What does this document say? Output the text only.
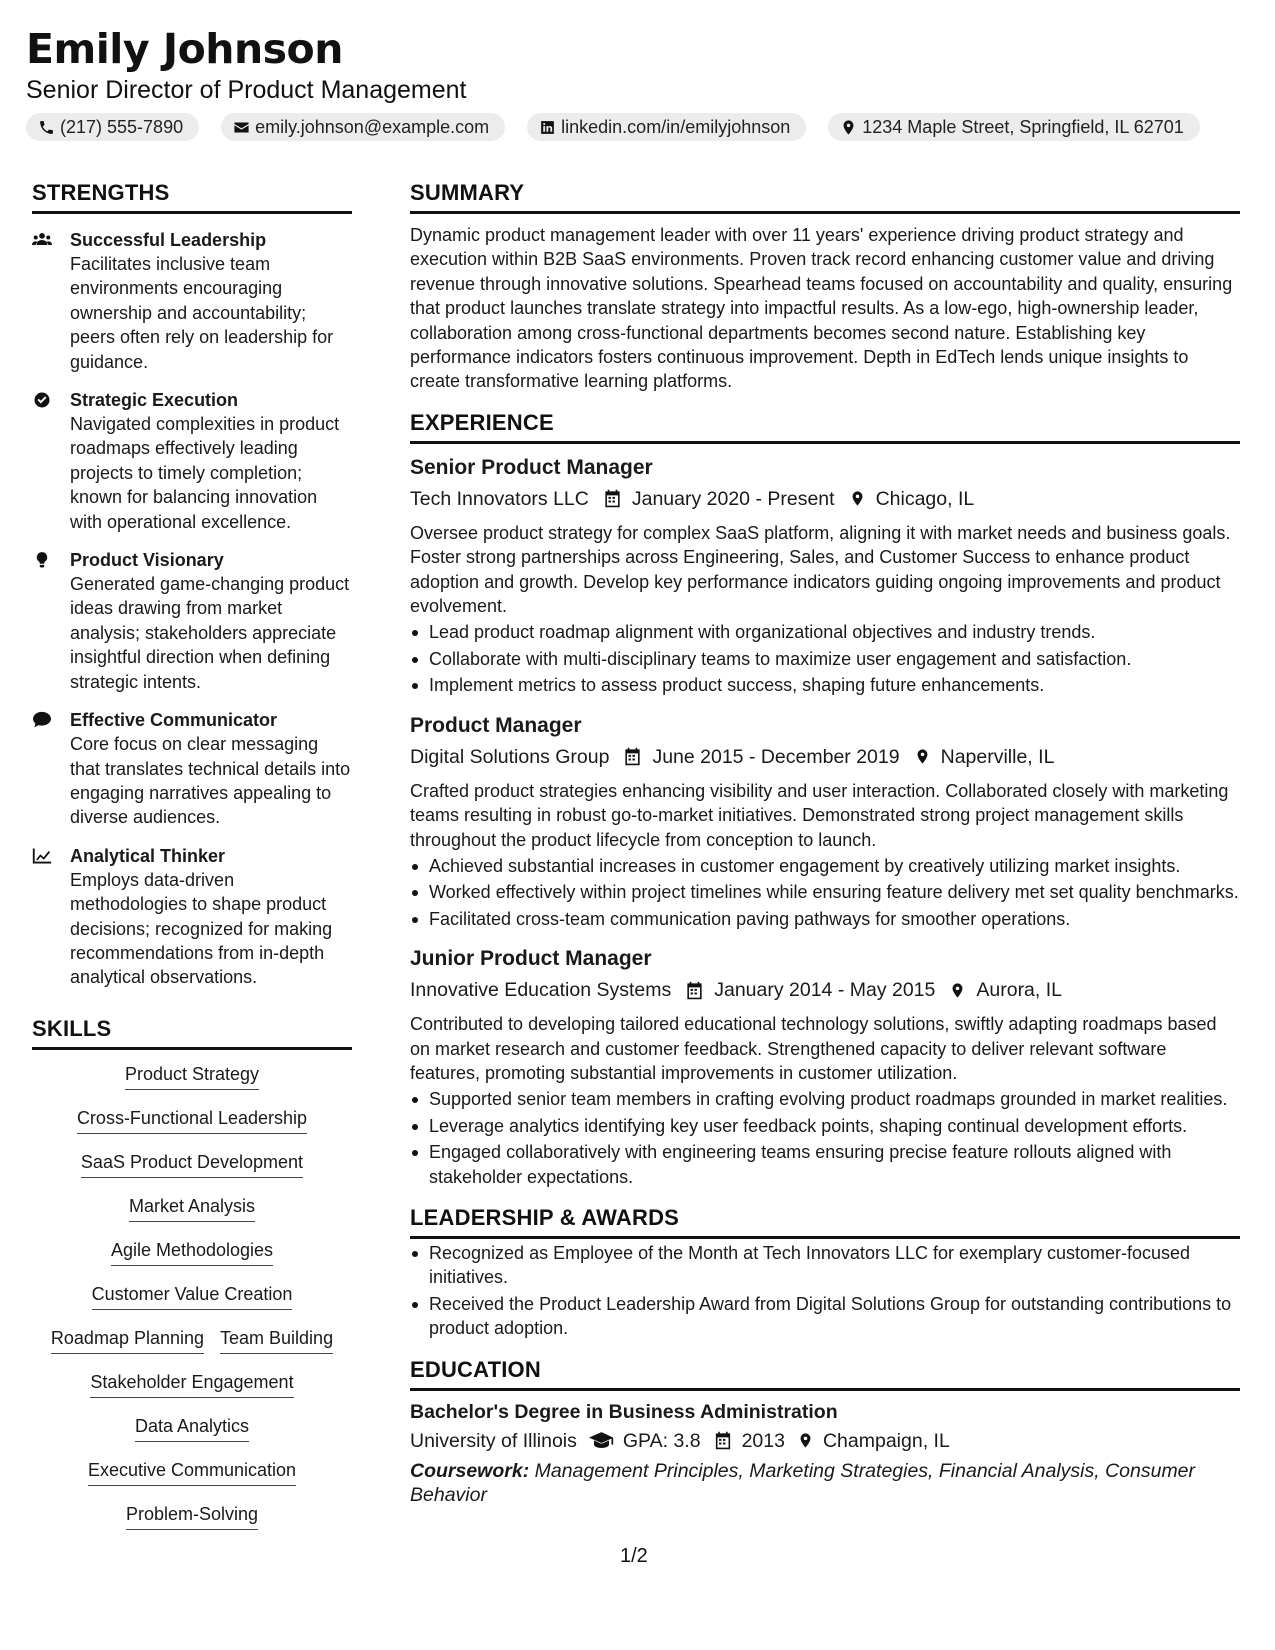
Emily Johnson
Senior Director of Product Management
(217) 555-7890	emily.johnson@example.com	linkedin.com/in/emilyjohnson	1234 Maple Street, Springfield, IL 62701
STRENGTHS
Successful Leadership
Facilitates inclusive team environments encouraging ownership and accountability; peers often rely on leadership for guidance.
Strategic Execution
Navigated complexities in product roadmaps effectively leading projects to timely completion; known for balancing innovation with operational excellence.
Product Visionary
Generated game-changing product ideas drawing from market analysis; stakeholders appreciate insightful direction when defining strategic intents.
Effective Communicator
Core focus on clear messaging that translates technical details into engaging narratives appealing to diverse audiences.
Analytical Thinker
Employs data-driven methodologies to shape product decisions; recognized for making recommendations from in-depth analytical observations.
SKILLS
Product Strategy
Cross-Functional Leadership
SaaS Product Development
Market Analysis
Agile Methodologies
Customer Value Creation
Roadmap Planning Team Building
Stakeholder Engagement
Data Analytics
Executive Communication
Problem-Solving
SUMMARY
Dynamic product management leader with over 11 years' experience driving product strategy and execution within B2B SaaS environments. Proven track record enhancing customer value and driving revenue through innovative solutions. Spearhead teams focused on accountability and quality, ensuring that product launches translate strategy into impactful results. As a low-ego, high-ownership leader, collaboration among cross-functional departments becomes second nature. Establishing key performance indicators fosters continuous improvement. Depth in EdTech lends unique insights to create transformative learning platforms.
EXPERIENCE
Senior Product Manager
Tech Innovators LLC January 2020 - Present Chicago, IL
Oversee product strategy for complex SaaS platform, aligning it with market needs and business goals. Foster strong partnerships across Engineering, Sales, and Customer Success to enhance product adoption and growth. Develop key performance indicators guiding ongoing improvements and product evolvement.
Lead product roadmap alignment with organizational objectives and industry trends.
Collaborate with multi-disciplinary teams to maximize user engagement and satisfaction.
Implement metrics to assess product success, shaping future enhancements.
Product Manager
Digital Solutions Group June 2015 - December 2019 Naperville, IL
Crafted product strategies enhancing visibility and user interaction. Collaborated closely with marketing teams resulting in robust go-to-market initiatives. Demonstrated strong project management skills throughout the product lifecycle from conception to launch.
Achieved substantial increases in customer engagement by creatively utilizing market insights.
Worked effectively within project timelines while ensuring feature delivery met set quality benchmarks.
Facilitated cross-team communication paving pathways for smoother operations.
Junior Product Manager
Innovative Education Systems January 2014 - May 2015 Aurora, IL
Contributed to developing tailored educational technology solutions, swiftly adapting roadmaps based on market research and customer feedback. Strengthened capacity to deliver relevant software features, promoting substantial improvements in customer utilization.
Supported senior team members in crafting evolving product roadmaps grounded in market realities.
Leverage analytics identifying key user feedback points, shaping continual development efforts.
Engaged collaboratively with engineering teams ensuring precise feature rollouts aligned with stakeholder expectations.
LEADERSHIP & AWARDS
Recognized as Employee of the Month at Tech Innovators LLC for exemplary customer-focused initiatives.
Received the Product Leadership Award from Digital Solutions Group for outstanding contributions to product adoption.
EDUCATION
Bachelor's Degree in Business Administration
University of Illinois GPA: 3.8 2013 Champaign, IL
Coursework: Management Principles, Marketing Strategies, Financial Analysis, Consumer Behavior
1/2
